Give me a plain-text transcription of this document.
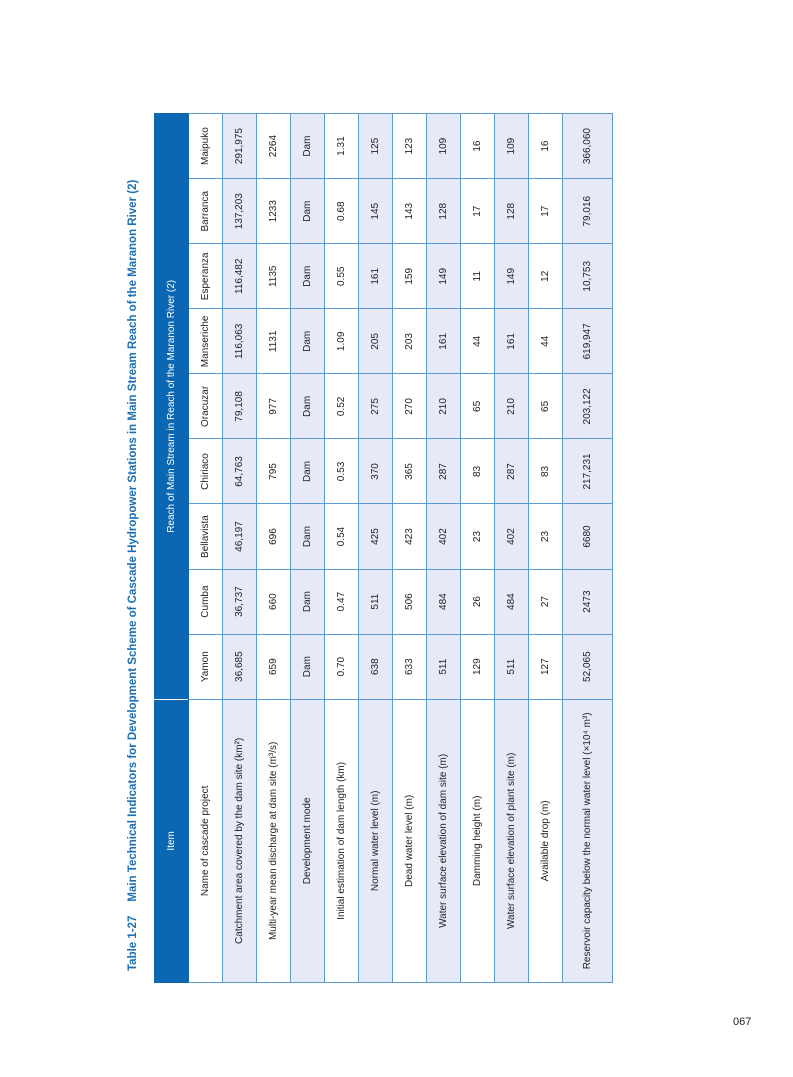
Table 1-27Main Technical Indicators for Development Scheme of Cascade Hydropower Stations in Main Stream Reach of the Maranon River (2)	Item	Reach of Main Stream in Reach of the Maranon River (2)								
Name of cascade project	Yamon	Cumba	Bellavista	Chiriaco	Oracuzar	Manseriche	Esperanza	Barranca	Maipuko
Catchment area covered by the dam site (km²)	36,685	36,737	46,197	64,763	79,108	116,063	116,482	137,203	291,975
Multi-year mean discharge at dam site (m³/s)	659	660	696	795	977	1131	1135	1233	2264
Development mode	Dam	Dam	Dam	Dam	Dam	Dam	Dam	Dam	Dam
Initial estimation of dam length (km)	0.70	0.47	0.54	0.53	0.52	1.09	0.55	0.68	1.31
Normal water level (m)	638	511	425	370	275	205	161	145	125
Dead water level (m)	633	506	423	365	270	203	159	143	123
Water surface elevation of dam site (m)	511	484	402	287	210	161	149	128	109
Damming height (m)	129	26	23	83	65	44	11	17	16
Water surface elevation of plant site (m)	511	484	402	287	210	161	149	128	109
Available drop (m)	127	27	23	83	65	44	12	17	16
Reservoir capacity below the normal water level (×10⁴ m³)	52,065	2473	6680	217,231	203,122	619,947	10,753	79,016	366,060
067
